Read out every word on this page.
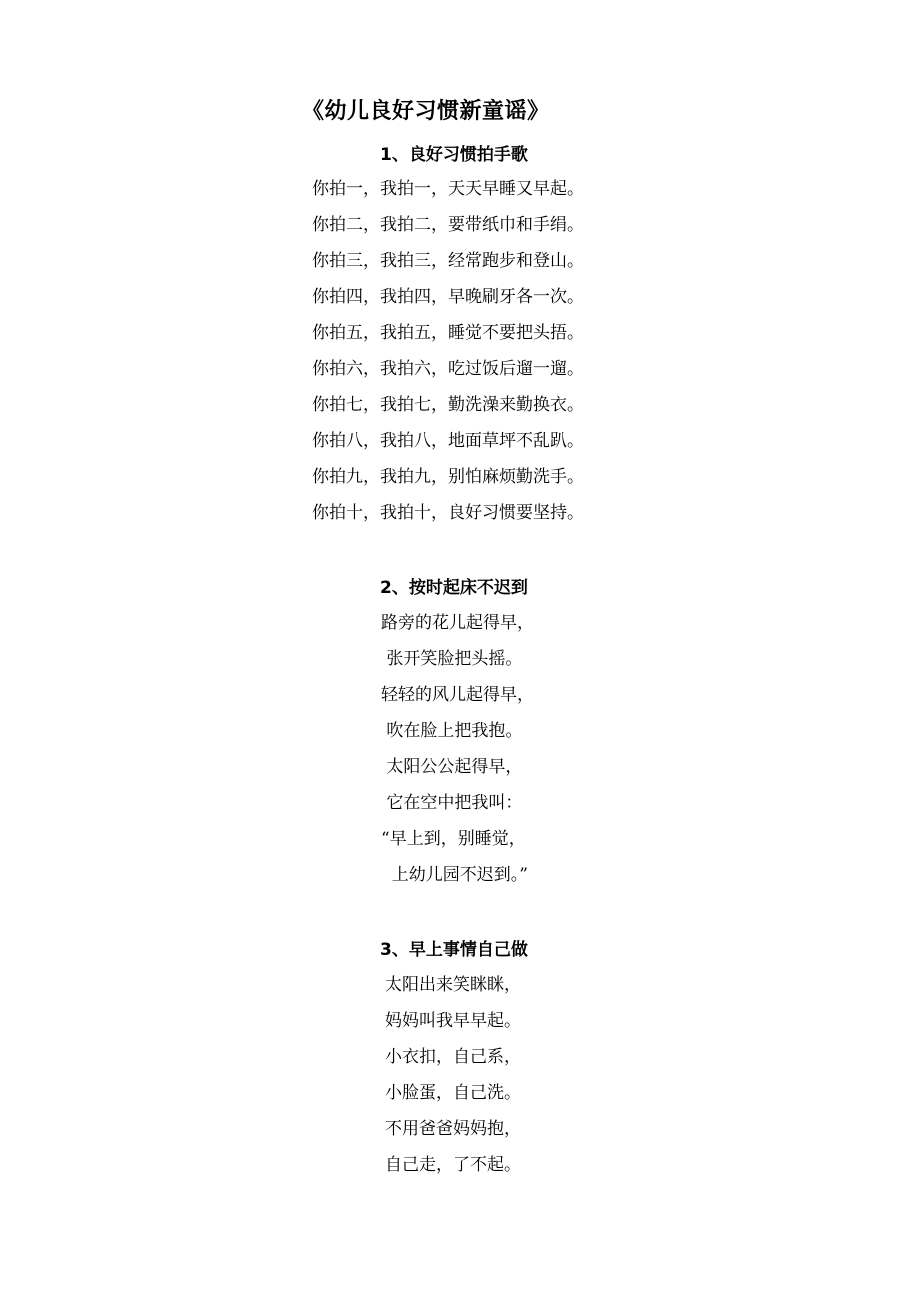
《幼儿良好习惯新童谣》
1、良好习惯拍手歌
你拍一，我拍一，天天早睡又早起。
你拍二，我拍二，要带纸巾和手绢。
你拍三，我拍三，经常跑步和登山。
你拍四，我拍四，早晚刷牙各一次。
你拍五，我拍五，睡觉不要把头捂。
你拍六，我拍六，吃过饭后遛一遛。
你拍七，我拍七，勤洗澡来勤换衣。
你拍八，我拍八，地面草坪不乱趴。
你拍九，我拍九，别怕麻烦勤洗手。
你拍十，我拍十，良好习惯要坚持。
2、按时起床不迟到
路旁的花儿起得早，
张开笑脸把头摇。
轻轻的风儿起得早，
吹在脸上把我抱。
太阳公公起得早，
它在空中把我叫：
“早上到，别睡觉，
上幼儿园不迟到。”
3、早上事情自己做
太阳出来笑眯眯，
妈妈叫我早早起。
小衣扣，自己系，
小脸蛋，自己洗。
不用爸爸妈妈抱，
自己走，了不起。
